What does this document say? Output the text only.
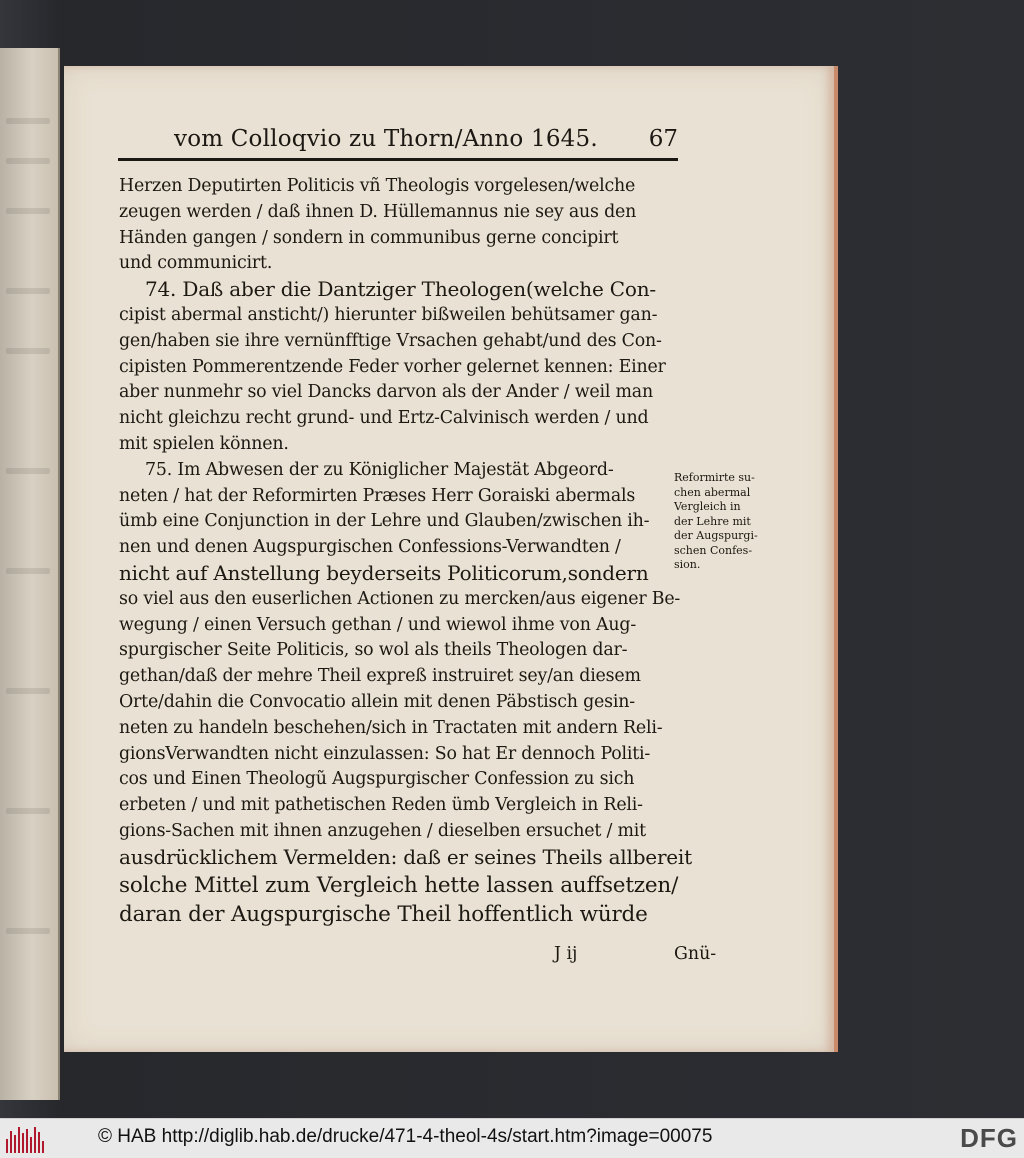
vom Colloqvio zu Thorn/Anno 1645. 67
Herzen Deputirten Politicis vñ Theologis vorgelesen/welche
zeugen werden / daß ihnen D. Hüllemannus nie sey aus den
Händen gangen / sondern in communibus gerne concipirt
und communicirt.
74. Daß aber die Dantziger Theologen(welche Con-
cipist abermal ansticht/) hierunter bißweilen behütsamer gan-
gen/haben sie ihre vernünfftige Vrsachen gehabt/und des Con-
cipisten Pommerentzende Feder vorher gelernet kennen: Einer
aber nunmehr so viel Dancks darvon als der Ander / weil man
nicht gleichzu recht grund- und Ertz-Calvinisch werden / und
mit spielen können.
75. Im Abwesen der zu Königlicher Majestät Abgeord-
neten / hat der Reformirten Præses Herr Goraiski abermals
ümb eine Conjunction in der Lehre und Glauben/zwischen ih-
nen und denen Augspurgischen Confessions-Verwandten /
nicht auf Anstellung beyderseits Politicorum,sondern
so viel aus den euserlichen Actionen zu mercken/aus eigener Be-
wegung / einen Versuch gethan / und wiewol ihme von Aug-
spurgischer Seite Politicis, so wol als theils Theologen dar-
gethan/daß der mehre Theil expreß instruiret sey/an diesem
Orte/dahin die Convocatio allein mit denen Päbstisch gesin-
neten zu handeln beschehen/sich in Tractaten mit andern Reli-
gionsVerwandten nicht einzulassen: So hat Er dennoch Politi-
cos und Einen Theologũ Augspurgischer Confession zu sich
erbeten / und mit pathetischen Reden ümb Vergleich in Reli-
gions-Sachen mit ihnen anzugehen / dieselben ersuchet / mit
ausdrücklichem Vermelden: daß er seines Theils allbereit
solche Mittel zum Vergleich hette lassen auffsetzen/
daran der Augspurgische Theil hoffentlich würde
Reformirte su-
chen abermal
Vergleich in
der Lehre mit
der Augspurgi-
schen Confes-
sion.
J ij	Gnü-
© HAB http://diglib.hab.de/drucke/471-4-theol-4s/start.htm?image=00075	DFG
